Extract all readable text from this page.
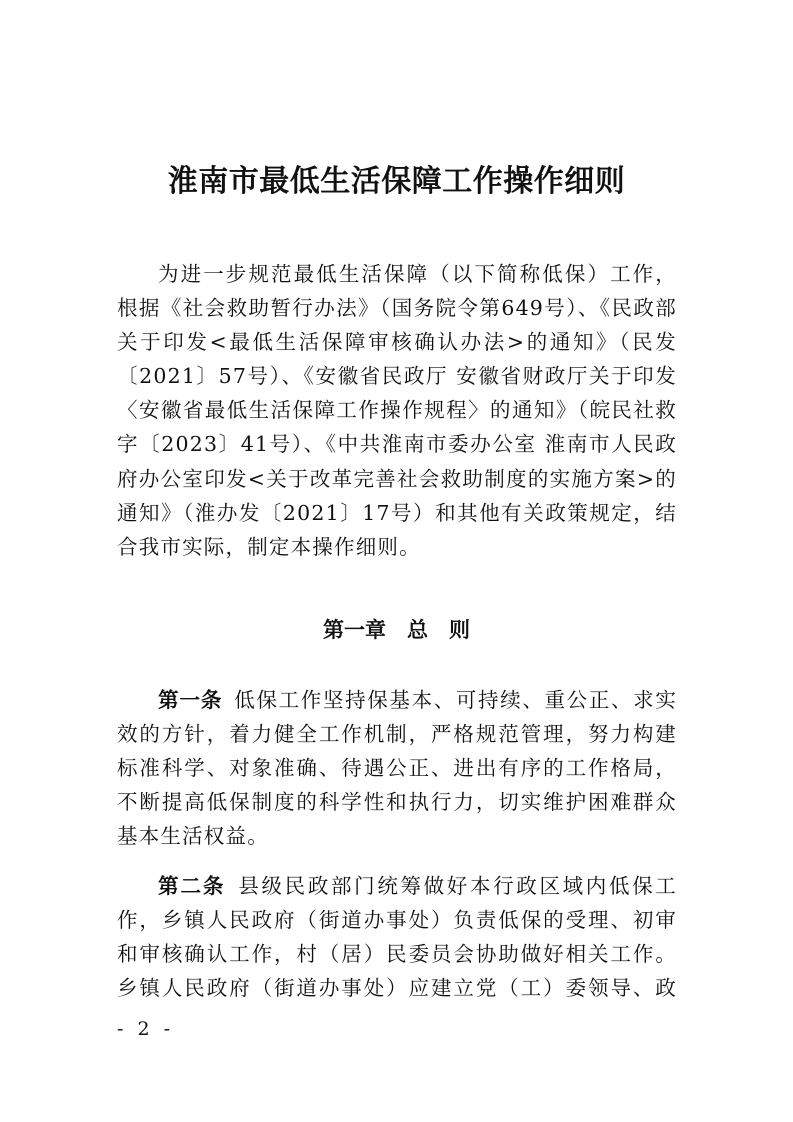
淮南市最低生活保障工作操作细则

为进一步规范最低生活保障（以下简称低保）工作，根据《社会救助暂行办法》（国务院令第649号）、《民政部关于印发<最低生活保障审核确认办法>的通知》（民发〔2021〕57号）、《安徽省民政厅 安徽省财政厅关于印发〈安徽省最低生活保障工作操作规程〉的通知》（皖民社救字〔2023〕41号）、《中共淮南市委办公室 淮南市人民政府办公室印发<关于改革完善社会救助制度的实施方案>的通知》（淮办发〔2021〕17号）和其他有关政策规定，结合我市实际，制定本操作细则。

第一章　总　则

第一条  低保工作坚持保基本、可持续、重公正、求实效的方针，着力健全工作机制，严格规范管理，努力构建标准科学、对象准确、待遇公正、进出有序的工作格局，不断提高低保制度的科学性和执行力，切实维护困难群众基本生活权益。

第二条  县级民政部门统筹做好本行政区域内低保工作，乡镇人民政府（街道办事处）负责低保的受理、初审和审核确认工作，村（居）民委员会协助做好相关工作。乡镇人民政府（街道办事处）应建立党（工）委领导、政

- 2 -
